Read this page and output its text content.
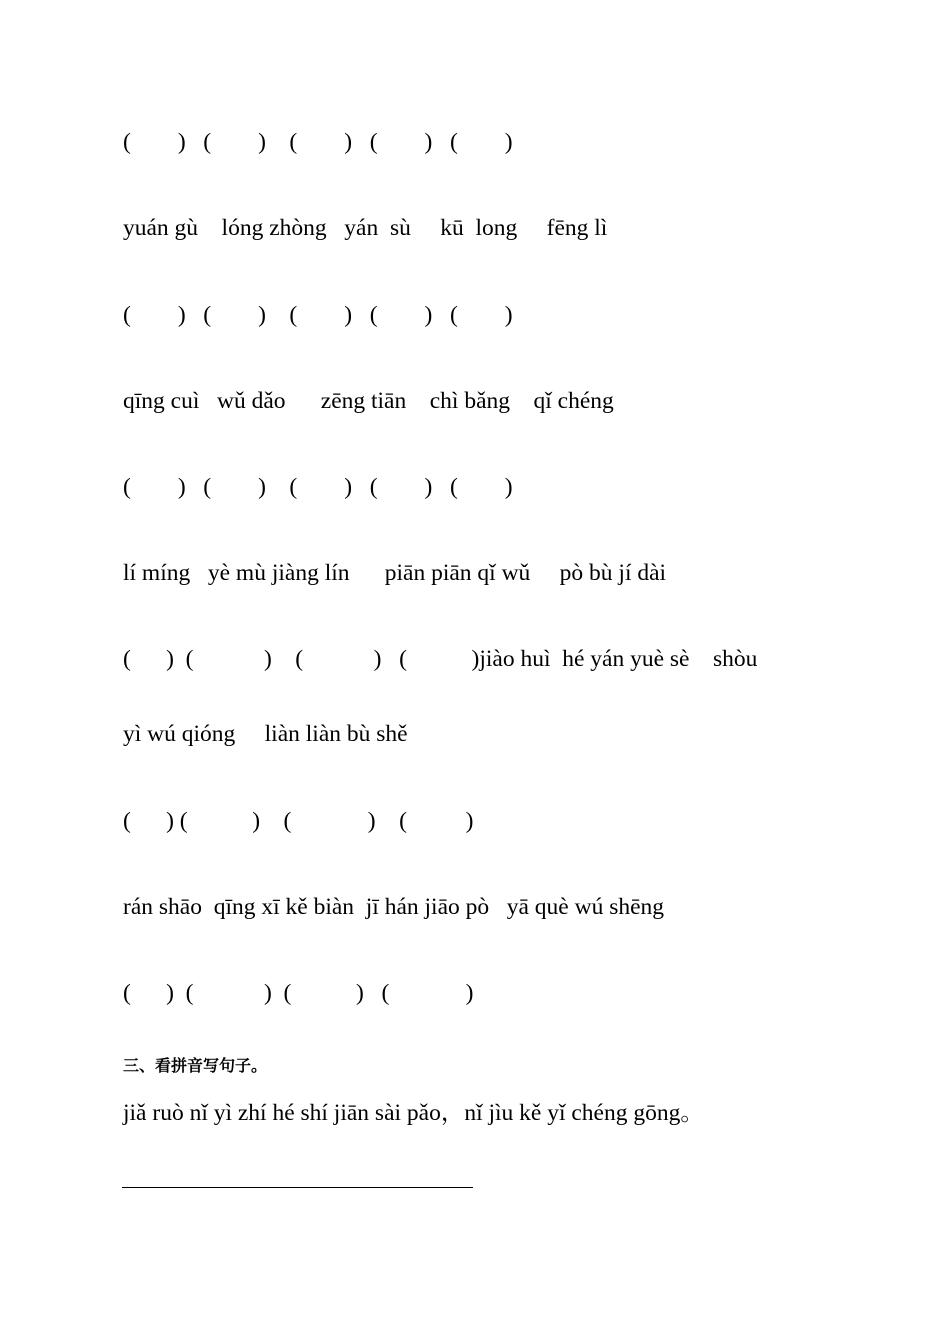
(        )   (        )    (        )   (        )   (        )
yuán gù    lóng zhòng   yán  sù     kū  long     fēng lì
(        )   (        )    (        )   (        )   (        )
qīng cuì   wǔ dǎo      zēng tiān    chì bǎng    qǐ chéng
(        )   (        )    (        )   (        )   (        )
lí míng   yè mù jiàng lín      piān piān qǐ wǔ     pò bù jí dài
(      )  (            )    (            )   (           )jiào huì  hé yán yuè sè    shòu
yì wú qióng     liàn liàn bù shě
(      ) (           )    (             )    (          )
rán shāo  qīng xī kě biàn  jī hán jiāo pò   yā què wú shēng
(      )  (            )  (           )   (             )
三、看拼音写句子。
jiǎ ruò nǐ yì zhí hé shí jiān sài pǎo，nǐ jìu kě yǐ chéng gōng。
